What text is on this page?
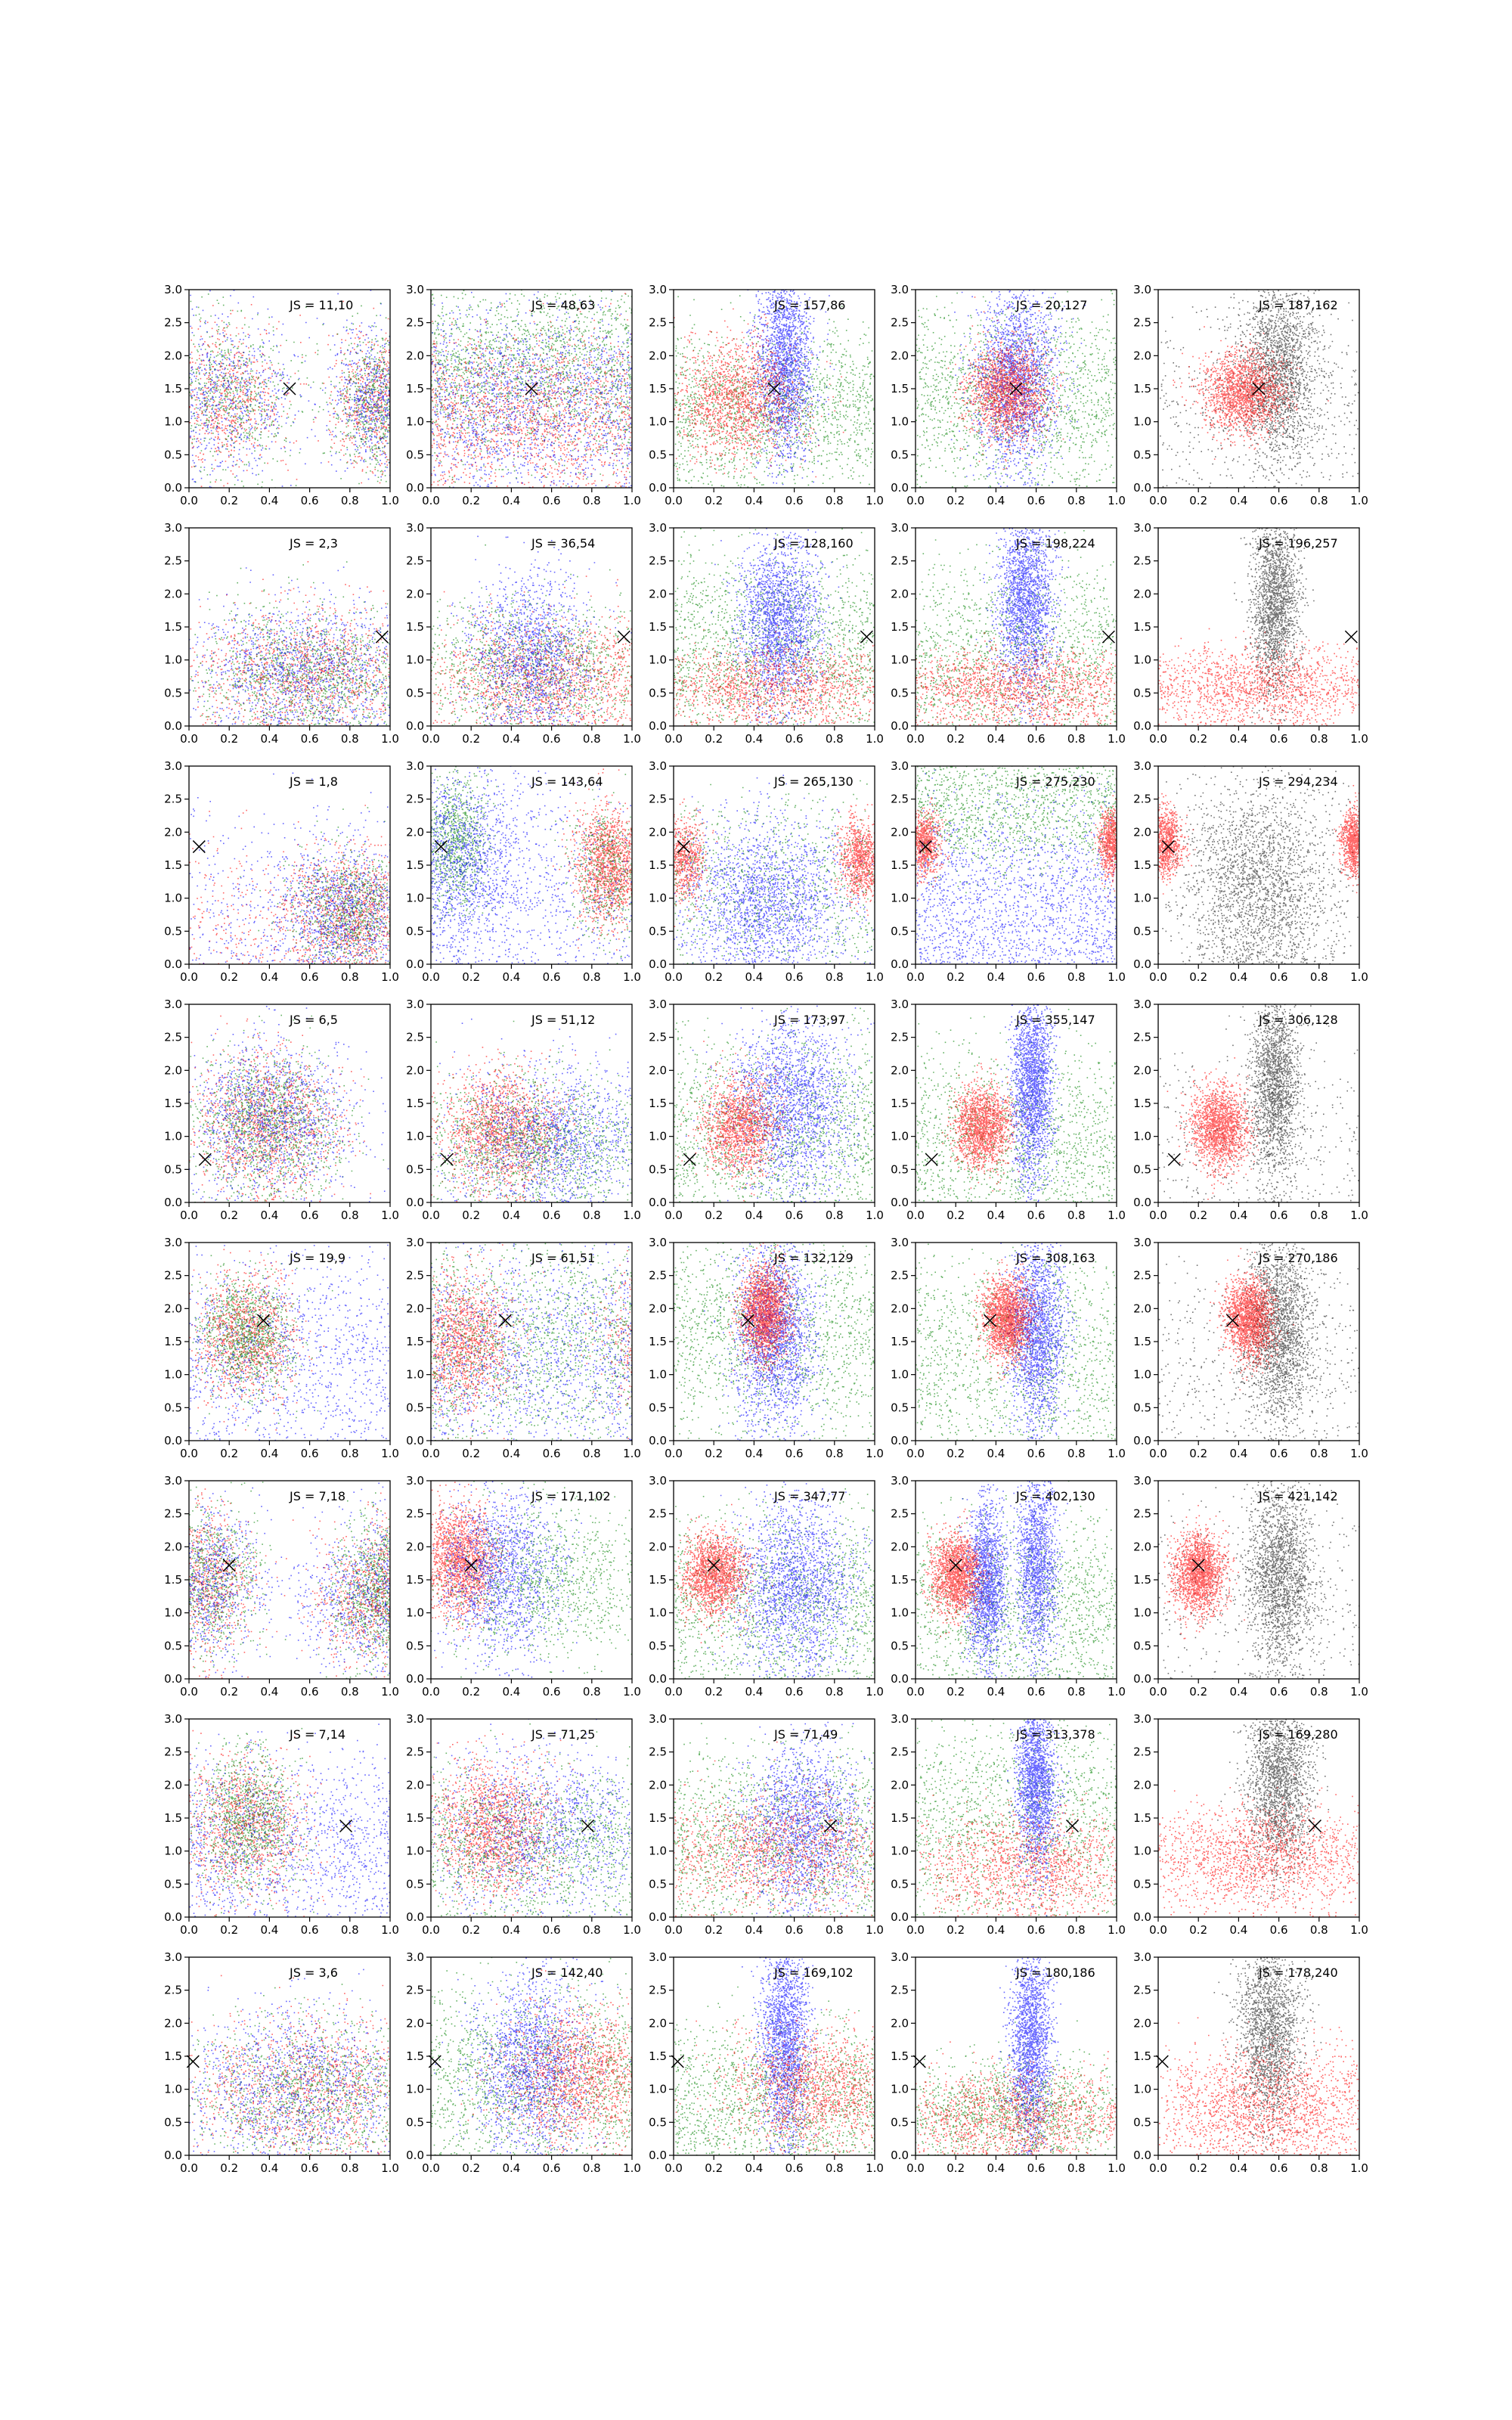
0.0 0.2 0.4 0.6 0.8 1.0
0.0
0.5
1.0
1.5
2.0
2.5
3.0
JS = 11,10
0.0 0.2 0.4 0.6 0.8 1.0
0.0
0.5
1.0
1.5
2.0
2.5
3.0
JS = 48,63
0.0 0.2 0.4 0.6 0.8 1.0
0.0
0.5
1.0
1.5
2.0
2.5
3.0
JS = 157,86
0.0 0.2 0.4 0.6 0.8 1.0
0.0
0.5
1.0
1.5
2.0
2.5
3.0
JS = 20,127
0.0 0.2 0.4 0.6 0.8 1.0
0.0
0.5
1.0
1.5
2.0
2.5
3.0
JS = 187,162
0.0 0.2 0.4 0.6 0.8 1.0
0.0
0.5
1.0
1.5
2.0
2.5
3.0
JS = 2,3
0.0 0.2 0.4 0.6 0.8 1.0
0.0
0.5
1.0
1.5
2.0
2.5
3.0
JS = 36,54
0.0 0.2 0.4 0.6 0.8 1.0
0.0
0.5
1.0
1.5
2.0
2.5
3.0
JS = 128,160
0.0 0.2 0.4 0.6 0.8 1.0
0.0
0.5
1.0
1.5
2.0
2.5
3.0
JS = 198,224
0.0 0.2 0.4 0.6 0.8 1.0
0.0
0.5
1.0
1.5
2.0
2.5
3.0
JS = 196,257
0.0 0.2 0.4 0.6 0.8 1.0
0.0
0.5
1.0
1.5
2.0
2.5
3.0
JS = 1,8
0.0 0.2 0.4 0.6 0.8 1.0
0.0
0.5
1.0
1.5
2.0
2.5
3.0
JS = 143,64
0.0 0.2 0.4 0.6 0.8 1.0
0.0
0.5
1.0
1.5
2.0
2.5
3.0
JS = 265,130
0.0 0.2 0.4 0.6 0.8 1.0
0.0
0.5
1.0
1.5
2.0
2.5
3.0
JS = 275,230
0.0 0.2 0.4 0.6 0.8 1.0
0.0
0.5
1.0
1.5
2.0
2.5
3.0
JS = 294,234
0.0 0.2 0.4 0.6 0.8 1.0
0.0
0.5
1.0
1.5
2.0
2.5
3.0
JS = 6,5
0.0 0.2 0.4 0.6 0.8 1.0
0.0
0.5
1.0
1.5
2.0
2.5
3.0
JS = 51,12
0.0 0.2 0.4 0.6 0.8 1.0
0.0
0.5
1.0
1.5
2.0
2.5
3.0
JS = 173,97
0.0 0.2 0.4 0.6 0.8 1.0
0.0
0.5
1.0
1.5
2.0
2.5
3.0
JS = 355,147
0.0 0.2 0.4 0.6 0.8 1.0
0.0
0.5
1.0
1.5
2.0
2.5
3.0
JS = 306,128
0.0 0.2 0.4 0.6 0.8 1.0
0.0
0.5
1.0
1.5
2.0
2.5
3.0
JS = 19,9
0.0 0.2 0.4 0.6 0.8 1.0
0.0
0.5
1.0
1.5
2.0
2.5
3.0
JS = 61,51
0.0 0.2 0.4 0.6 0.8 1.0
0.0
0.5
1.0
1.5
2.0
2.5
3.0
JS = 132,129
0.0 0.2 0.4 0.6 0.8 1.0
0.0
0.5
1.0
1.5
2.0
2.5
3.0
JS = 308,163
0.0 0.2 0.4 0.6 0.8 1.0
0.0
0.5
1.0
1.5
2.0
2.5
3.0
JS = 270,186
0.0 0.2 0.4 0.6 0.8 1.0
0.0
0.5
1.0
1.5
2.0
2.5
3.0
JS = 7,18
0.0 0.2 0.4 0.6 0.8 1.0
0.0
0.5
1.0
1.5
2.0
2.5
3.0
JS = 171,102
0.0 0.2 0.4 0.6 0.8 1.0
0.0
0.5
1.0
1.5
2.0
2.5
3.0
JS = 347,77
0.0 0.2 0.4 0.6 0.8 1.0
0.0
0.5
1.0
1.5
2.0
2.5
3.0
JS = 402,130
0.0 0.2 0.4 0.6 0.8 1.0
0.0
0.5
1.0
1.5
2.0
2.5
3.0
JS = 421,142
0.0 0.2 0.4 0.6 0.8 1.0
0.0
0.5
1.0
1.5
2.0
2.5
3.0
JS = 7,14
0.0 0.2 0.4 0.6 0.8 1.0
0.0
0.5
1.0
1.5
2.0
2.5
3.0
JS = 71,25
0.0 0.2 0.4 0.6 0.8 1.0
0.0
0.5
1.0
1.5
2.0
2.5
3.0
JS = 71,49
0.0 0.2 0.4 0.6 0.8 1.0
0.0
0.5
1.0
1.5
2.0
2.5
3.0
JS = 313,378
0.0 0.2 0.4 0.6 0.8 1.0
0.0
0.5
1.0
1.5
2.0
2.5
3.0
JS = 169,280
0.0 0.2 0.4 0.6 0.8 1.0
0.0
0.5
1.0
1.5
2.0
2.5
3.0
JS = 3,6
0.0 0.2 0.4 0.6 0.8 1.0
0.0
0.5
1.0
1.5
2.0
2.5
3.0
JS = 142,40
0.0 0.2 0.4 0.6 0.8 1.0
0.0
0.5
1.0
1.5
2.0
2.5
3.0
JS = 169,102
0.0 0.2 0.4 0.6 0.8 1.0
0.0
0.5
1.0
1.5
2.0
2.5
3.0
JS = 180,186
0.0 0.2 0.4 0.6 0.8 1.0
0.0
0.5
1.0
1.5
2.0
2.5
3.0
JS = 178,240
